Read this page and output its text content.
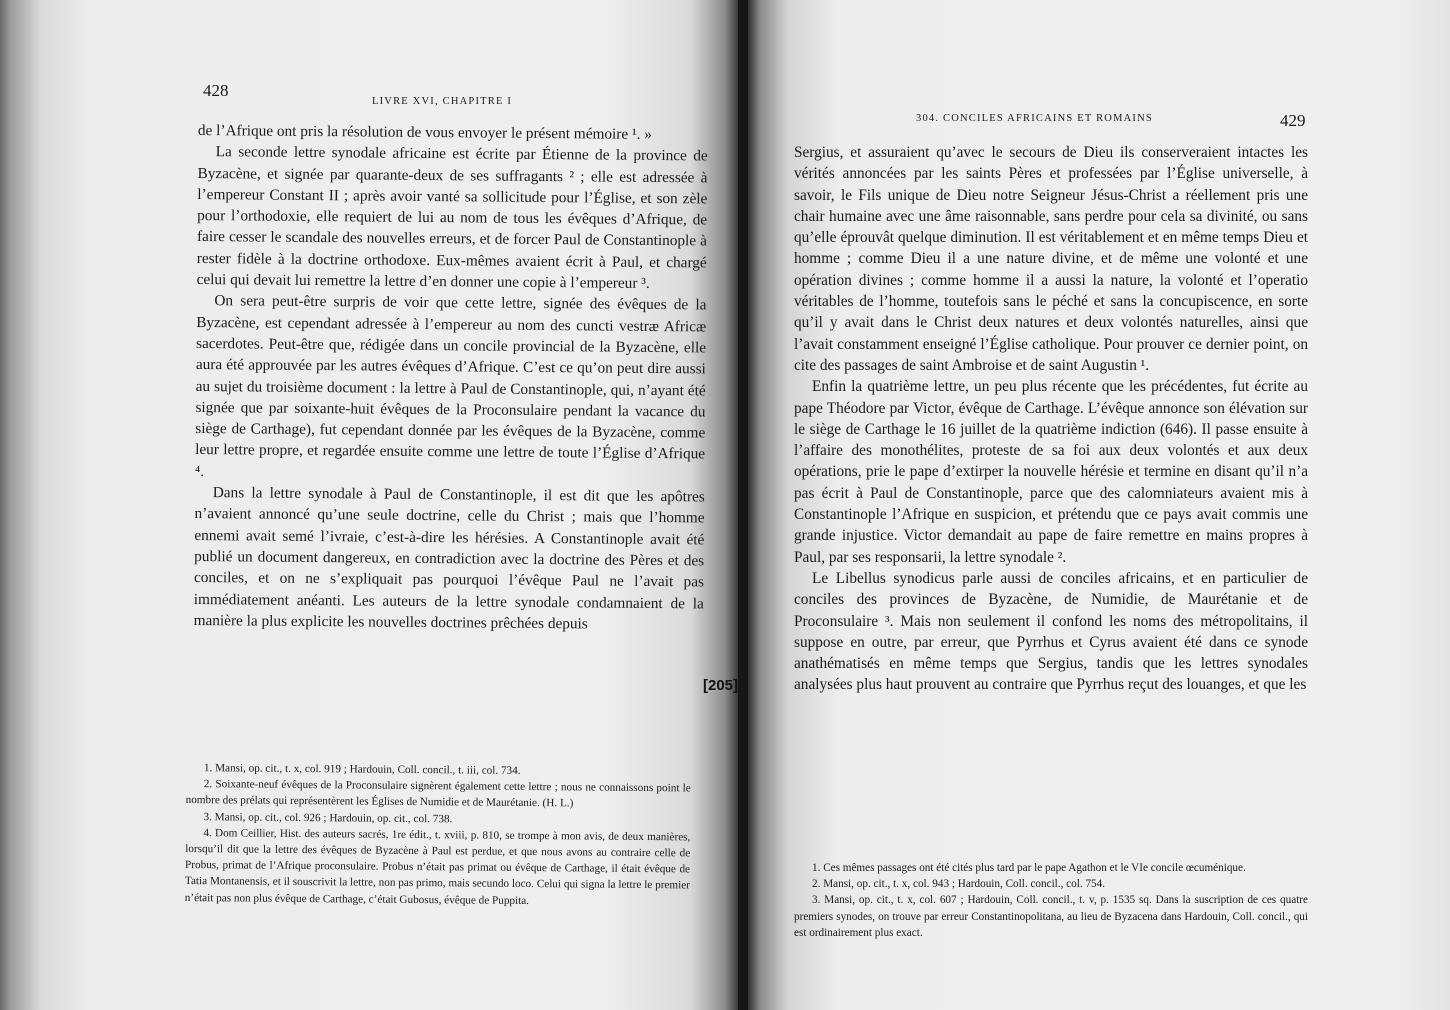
428
LIVRE XVI, CHAPITRE I

de l’Afrique ont pris la résolution de vous envoyer le présent mémoire ¹. »

La seconde lettre synodale africaine est écrite par Étienne de la province de Byzacène, et signée par quarante-deux de ses suffragants ² ; elle est adressée à l’empereur Constant II ; après avoir vanté sa sollicitude pour l’Église, et son zèle pour l’orthodoxie, elle requiert de lui au nom de tous les évêques d’Afrique, de faire cesser le scandale des nouvelles erreurs, et de forcer Paul de Constantinople à rester fidèle à la doctrine orthodoxe. Eux-mêmes avaient écrit à Paul, et chargé celui qui devait lui remettre la lettre d’en donner une copie à l’empereur ³.

On sera peut-être surpris de voir que cette lettre, signée des évêques de la Byzacène, est cependant adressée à l’empereur au nom des cuncti vestræ Africæ sacerdotes. Peut-être que, rédigée dans un concile provincial de la Byzacène, elle aura été approuvée par les autres évêques d’Afrique. C’est ce qu’on peut dire aussi au sujet du troisième document : la lettre à Paul de Constantinople, qui, n’ayant été signée que par soixante-huit évêques de la Proconsulaire pendant la vacance du siège de Carthage), fut cependant donnée par les évêques de la Byzacène, comme leur lettre propre, et regardée ensuite comme une lettre de toute l’Église d’Afrique ⁴.

Dans la lettre synodale à Paul de Constantinople, il est dit que les apôtres n’avaient annoncé qu’une seule doctrine, celle du Christ ; mais que l’homme ennemi avait semé l’ivraie, c’est-à-dire les hérésies. A Constantinople avait été publié un document dangereux, en contradiction avec la doctrine des Pères et des conciles, et on ne s’expliquait pas pourquoi l’évêque Paul ne l’avait pas immédiatement anéanti. Les auteurs de la lettre synodale condamnaient de la manière la plus explicite les nouvelles doctrines prêchées depuis

[205]

1. Mansi, op. cit., t. x, col. 919 ; Hardouin, Coll. concil., t. iii, col. 734.

2. Soixante-neuf évêques de la Proconsulaire signèrent également cette lettre ; nous ne connaissons point le nombre des prélats qui représentèrent les Églises de Numidie et de Maurétanie. (H. L.)

3. Mansi, op. cit., col. 926 ; Hardouin, op. cit., col. 738.

4. Dom Ceillier, Hist. des auteurs sacrés, 1re édit., t. xviii, p. 810, se trompe à mon avis, de deux manières, lorsqu’il dit que la lettre des évêques de Byzacène à Paul est perdue, et que nous avons au contraire celle de Probus, primat de l’Afrique proconsulaire. Probus n’était pas primat ou évêque de Carthage, il était évêque de Tatia Montanensis, et il souscrivit la lettre, non pas primo, mais secundo loco. Celui qui signa la lettre le premier n’était pas non plus évêque de Carthage, c’était Gubosus, évêque de Puppita.

304. CONCILES AFRICAINS ET ROMAINS	429

Sergius, et assuraient qu’avec le secours de Dieu ils conserveraient intactes les vérités annoncées par les saints Pères et professées par l’Église universelle, à savoir, le Fils unique de Dieu notre Seigneur Jésus-Christ a réellement pris une chair humaine avec une âme raisonnable, sans perdre pour cela sa divinité, ou sans qu’elle éprouvât quelque diminution. Il est véritablement et en même temps Dieu et homme ; comme Dieu il a une nature divine, et de même une volonté et une opération divines ; comme homme il a aussi la nature, la volonté et l’operatio véritables de l’homme, toutefois sans le péché et sans la concupiscence, en sorte qu’il y avait dans le Christ deux natures et deux volontés naturelles, ainsi que l’avait constamment enseigné l’Église catholique. Pour prouver ce dernier point, on cite des passages de saint Ambroise et de saint Augustin ¹.

Enfin la quatrième lettre, un peu plus récente que les précédentes, fut écrite au pape Théodore par Victor, évêque de Carthage. L’évêque annonce son élévation sur le siège de Carthage le 16 juillet de la quatrième indiction (646). Il passe ensuite à l’affaire des monothélites, proteste de sa foi aux deux volontés et aux deux opérations, prie le pape d’extirper la nouvelle hérésie et termine en disant qu’il n’a pas écrit à Paul de Constantinople, parce que des calomniateurs avaient mis à Constantinople l’Afrique en suspicion, et prétendu que ce pays avait commis une grande injustice. Victor demandait au pape de faire remettre en mains propres à Paul, par ses responsarii, la lettre synodale ².

Le Libellus synodicus parle aussi de conciles africains, et en particulier de conciles des provinces de Byzacène, de Numidie, de Maurétanie et de Proconsulaire ³. Mais non seulement il confond les noms des métropolitains, il suppose en outre, par erreur, que Pyrrhus et Cyrus avaient été dans ce synode anathématisés en même temps que Sergius, tandis que les lettres synodales analysées plus haut prouvent au contraire que Pyrrhus reçut des louanges, et que les

1. Ces mêmes passages ont été cités plus tard par le pape Agathon et le VIe concile œcuménique.

2. Mansi, op. cit., t. x, col. 943 ; Hardouin, Coll. concil., col. 754.

3. Mansi, op. cit., t. x, col. 607 ; Hardouin, Coll. concil., t. v, p. 1535 sq. Dans la suscription de ces quatre premiers synodes, on trouve par erreur Constantinopolitana, au lieu de Byzacena dans Hardouin, Coll. concil., qui est ordinairement plus exact.
